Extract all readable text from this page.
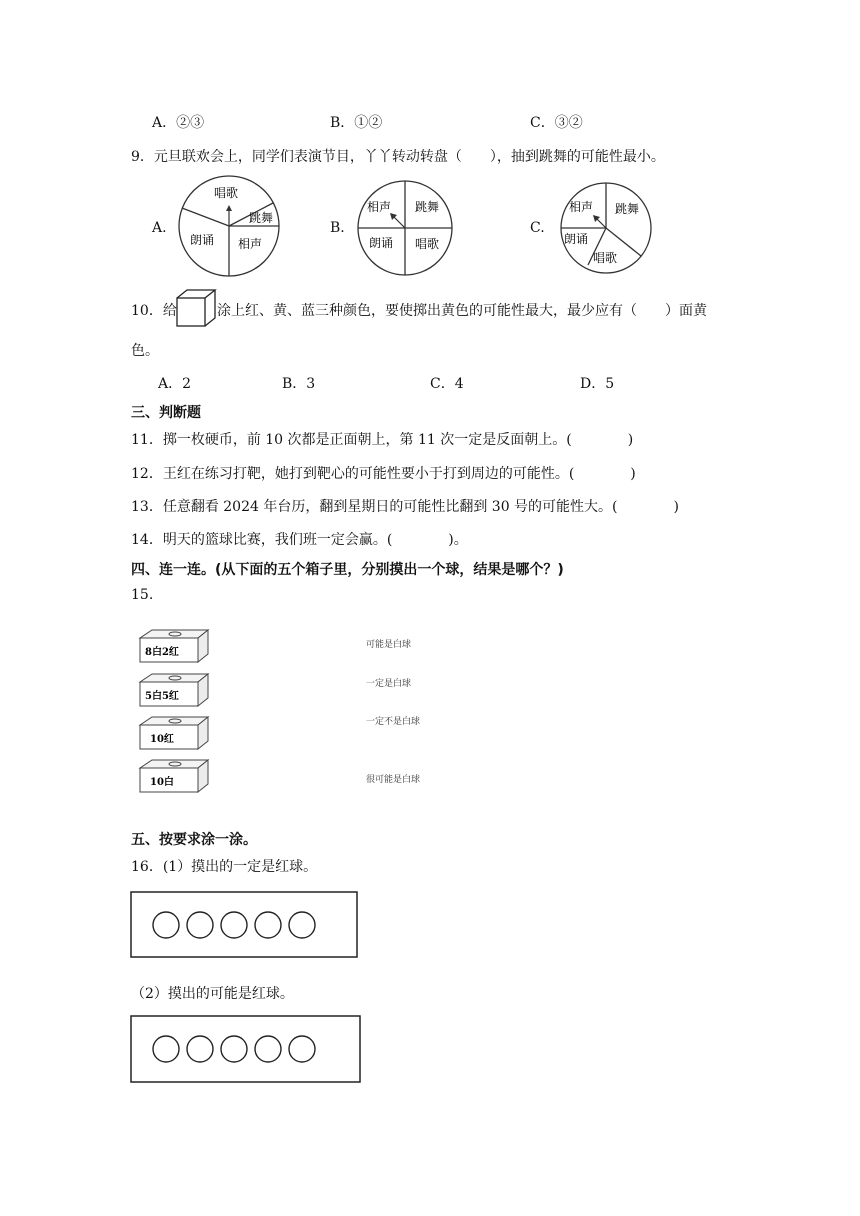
A．②③	B．①②	C．③②
9．元旦联欢会上，同学们表演节目，丫丫转动转盘（　　），抽到跳舞的可能性最小。
A.	B.	C.
唱歌
跳舞
朗诵 相声
相声 跳舞
朗诵 唱歌
相声 跳舞
朗诵
唱歌
10．给	涂上红、黄、蓝三种颜色，要使掷出黄色的可能性最大，最少应有（　　）面黄
色。
A．2	B．3	C．4	D．5
三、判断题
11．掷一枚硬币，前 10 次都是正面朝上，第 11 次一定是反面朝上。(　　　　)
12．王红在练习打靶，她打到靶心的可能性要小于打到周边的可能性。(　　　　)
13．任意翻看 2024 年台历，翻到星期日的可能性比翻到 30 号的可能性大。(　　　　)
14．明天的篮球比赛，我们班一定会赢。(　　　　)。
四、连一连。(从下面的五个箱子里，分别摸出一个球，结果是哪个？)
15.
8白2红
5白5红
10红
10白
可能是白球
一定是白球
一定不是白球
很可能是白球
五、按要求涂一涂。
16．(1）摸出的一定是红球。
（2）摸出的可能是红球。
